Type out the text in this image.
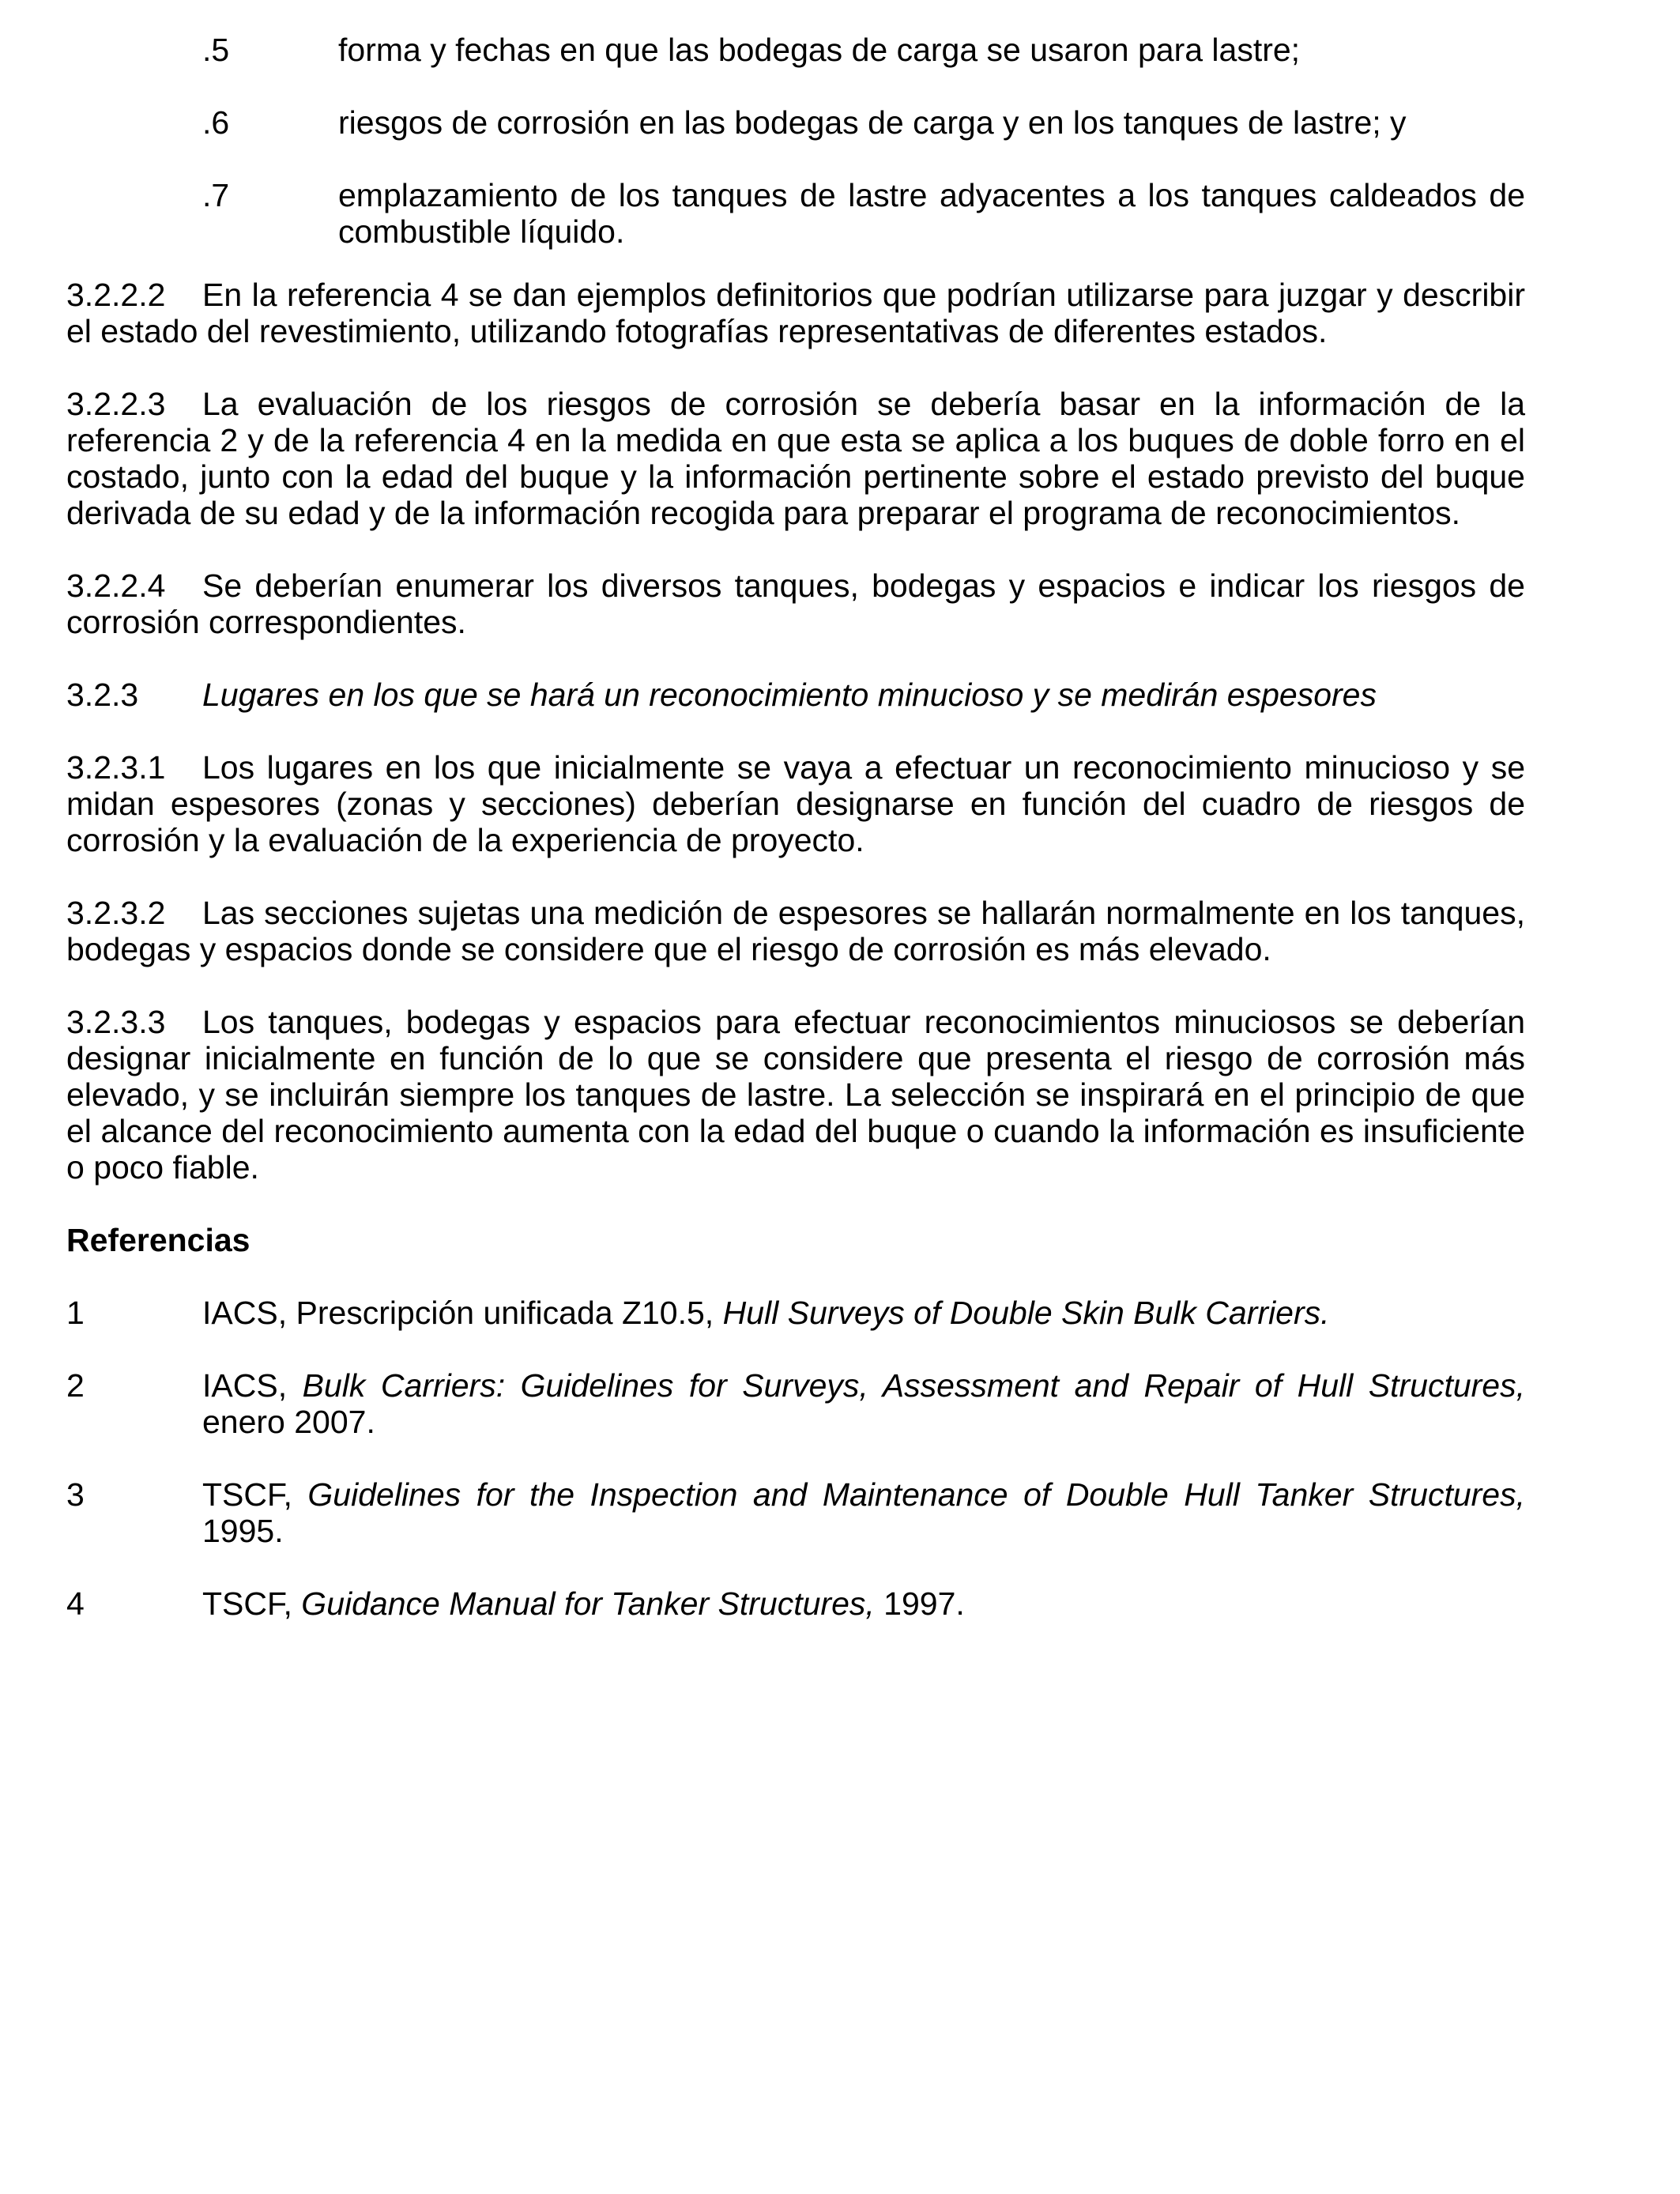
.5	forma y fechas en que las bodegas de carga se usaron para lastre;
.6	riesgos de corrosión en las bodegas de carga y en los tanques de lastre; y
.7	emplazamiento de los tanques de lastre adyacentes a los tanques caldeados de combustible líquido.

3.2.2.2 En la referencia 4 se dan ejemplos definitorios que podrían utilizarse para juzgar y describir el estado del revestimiento, utilizando fotografías representativas de diferentes estados.

3.2.2.3 La evaluación de los riesgos de corrosión se debería basar en la información de la referencia 2 y de la referencia 4 en la medida en que esta se aplica a los buques de doble forro en el costado, junto con la edad del buque y la información pertinente sobre el estado previsto del buque derivada de su edad y de la información recogida para preparar el programa de reconocimientos.

3.2.2.4 Se deberían enumerar los diversos tanques, bodegas y espacios e indicar los riesgos de corrosión correspondientes.

3.2.3	Lugares en los que se hará un reconocimiento minucioso y se medirán espesores

3.2.3.1 Los lugares en los que inicialmente se vaya a efectuar un reconocimiento minucioso y se midan espesores (zonas y secciones) deberían designarse en función del cuadro de riesgos de corrosión y la evaluación de la experiencia de proyecto.

3.2.3.2 Las secciones sujetas una medición de espesores se hallarán normalmente en los tanques, bodegas y espacios donde se considere que el riesgo de corrosión es más elevado.

3.2.3.3 Los tanques, bodegas y espacios para efectuar reconocimientos minuciosos se deberían designar inicialmente en función de lo que se considere que presenta el riesgo de corrosión más elevado, y se incluirán siempre los tanques de lastre. La selección se inspirará en el principio de que el alcance del reconocimiento aumenta con la edad del buque o cuando la información es insuficiente o poco fiable.

Referencias

1	IACS, Prescripción unificada Z10.5, Hull Surveys of Double Skin Bulk Carriers.
2	IACS, Bulk Carriers: Guidelines for Surveys, Assessment and Repair of Hull Structures, enero 2007.
3	TSCF, Guidelines for the Inspection and Maintenance of Double Hull Tanker Structures, 1995.
4	TSCF, Guidance Manual for Tanker Structures, 1997.
